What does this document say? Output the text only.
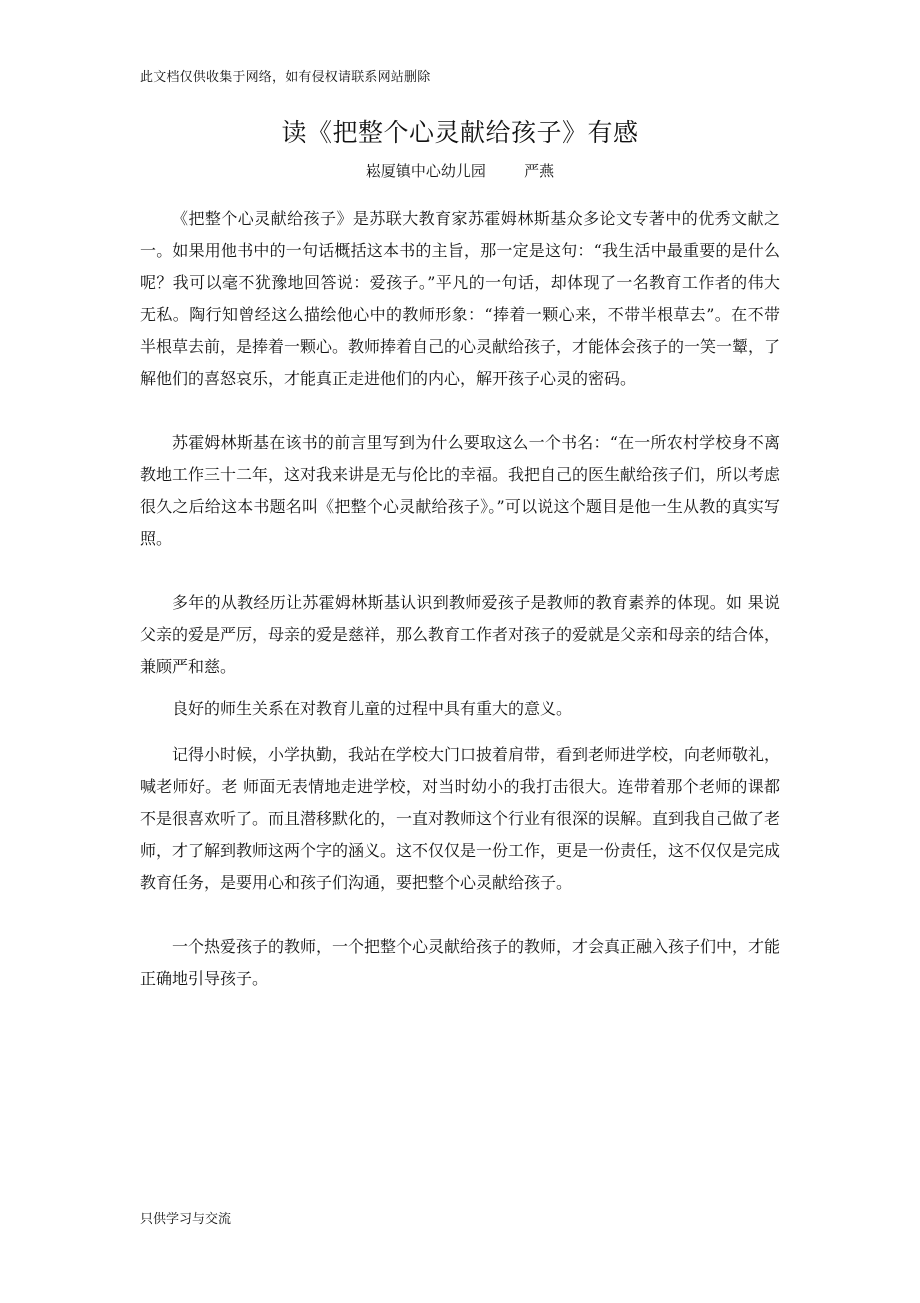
此文档仅供收集于网络，如有侵权请联系网站删除
读《把整个心灵献给孩子》有感
崧厦镇中心幼儿园        严燕

《把整个心灵献给孩子》是苏联大教育家苏霍姆林斯基众多论文专著中的优秀文献之一。如果用他书中的一句话概括这本书的主旨，那一定是这句：“我生活中最重要的是什么呢？我可以毫不犹豫地回答说：爱孩子。”平凡的一句话，却体现了一名教育工作者的伟大无私。陶行知曾经这么描绘他心中的教师形象：“捧着一颗心来，不带半根草去”。在不带半根草去前，是捧着一颗心。教师捧着自己的心灵献给孩子，才能体会孩子的一笑一颦，了解他们的喜怒哀乐，才能真正走进他们的内心，解开孩子心灵的密码。

苏霍姆林斯基在该书的前言里写到为什么要取这么一个书名：“在一所农村学校身不离教地工作三十二年，这对我来讲是无与伦比的幸福。我把自己的医生献给孩子们，所以考虑很久之后给这本书题名叫《把整个心灵献给孩子》。”可以说这个题目是他一生从教的真实写照。

多年的从教经历让苏霍姆林斯基认识到教师爱孩子是教师的教育素养的体现。如 果说父亲的爱是严厉，母亲的爱是慈祥，那么教育工作者对孩子的爱就是父亲和母亲的结合体，兼顾严和慈。

良好的师生关系在对教育儿童的过程中具有重大的意义。

记得小时候，小学执勤，我站在学校大门口披着肩带，看到老师进学校，向老师敬礼，喊老师好。老 师面无表情地走进学校，对当时幼小的我打击很大。连带着那个老师的课都不是很喜欢听了。而且潜移默化的，一直对教师这个行业有很深的误解。直到我自己做了老师，才了解到教师这两个字的涵义。这不仅仅是一份工作，更是一份责任，这不仅仅是完成教育任务，是要用心和孩子们沟通，要把整个心灵献给孩子。

一个热爱孩子的教师，一个把整个心灵献给孩子的教师，才会真正融入孩子们中，才能正确地引导孩子。

只供学习与交流
